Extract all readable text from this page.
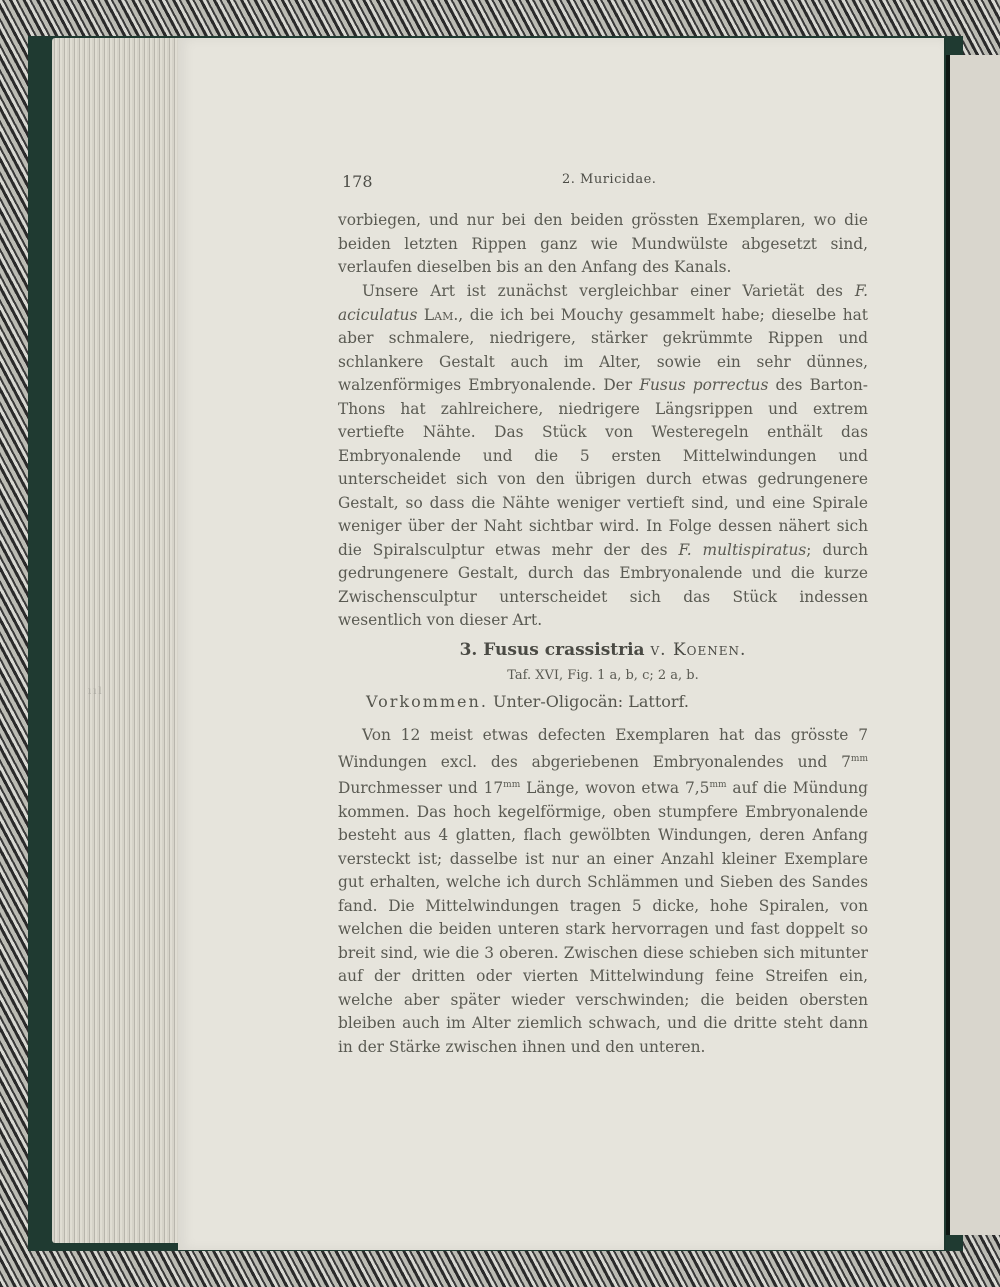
ııl
178	2. Muricidae.

vorbiegen, und nur bei den beiden grössten Exemplaren, wo die beiden letzten Rippen ganz wie Mundwülste abgesetzt sind, verlaufen dieselben bis an den Anfang des Kanals.

Unsere Art ist zunächst vergleichbar einer Varietät des F. aciculatus Lam., die ich bei Mouchy gesammelt habe; dieselbe hat aber schmalere, niedrigere, stärker gekrümmte Rippen und schlankere Gestalt auch im Alter, sowie ein sehr dünnes, walzenförmiges Embryonalende. Der Fusus porrectus des Barton-Thons hat zahlreichere, niedrigere Längsrippen und extrem vertiefte Nähte. Das Stück von Westeregeln enthält das Embryonalende und die 5 ersten Mittelwindungen und unterscheidet sich von den übrigen durch etwas gedrungenere Gestalt, so dass die Nähte weniger vertieft sind, und eine Spirale weniger über der Naht sichtbar wird. In Folge dessen nähert sich die Spiralsculptur etwas mehr der des F. multispiratus; durch gedrungenere Gestalt, durch das Embryonalende und die kurze Zwischensculptur unterscheidet sich das Stück indessen wesentlich von dieser Art.

3. Fusus crassistria v. Koenen.
Taf. XVI, Fig. 1 a, b, c; 2 a, b.
Vorkommen. Unter-Oligocän: Lattorf.

Von 12 meist etwas defecten Exemplaren hat das grösste 7 Windungen excl. des abgeriebenen Embryonalendes und $7^{mm}$ Durchmesser und $17^{mm}$ Länge, wovon etwa $7,5^{mm}$ auf die Mündung kommen. Das hoch kegelförmige, oben stumpfere Embryonalende besteht aus 4 glatten, flach gewölbten Windungen, deren Anfang versteckt ist; dasselbe ist nur an einer Anzahl kleiner Exemplare gut erhalten, welche ich durch Schlämmen und Sieben des Sandes fand. Die Mittelwindungen tragen 5 dicke, hohe Spiralen, von welchen die beiden unteren stark hervorragen und fast doppelt so breit sind, wie die 3 oberen. Zwischen diese schieben sich mitunter auf der dritten oder vierten Mittelwindung feine Streifen ein, welche aber später wieder verschwinden; die beiden obersten bleiben auch im Alter ziemlich schwach, und die dritte steht dann in der Stärke zwischen ihnen und den unteren.
